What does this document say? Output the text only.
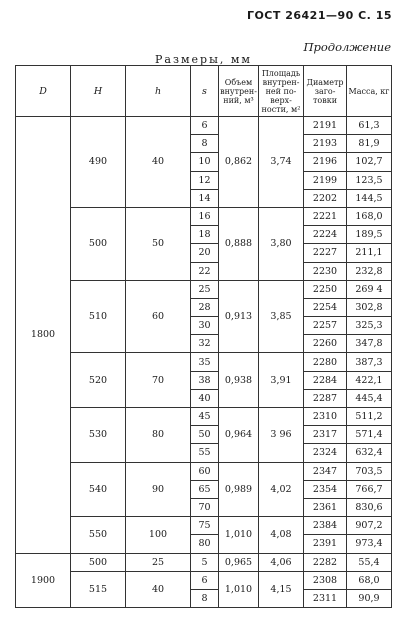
ГОСТ 26421—90 С. 15
Продолжение
Размеры, мм
D	H	h	s	Объем внутрен-ний, м³	Площадь внутрен-ней по-верх-ности, м²	Диаметр заго-товки	Масса, кг
1800	490	40	6	0,862	3,74	2191	61,3
			8			2193	81,9
			10			2196	102,7
			12			2199	123,5
			14			2202	144,5
	500	50	16	0,888	3,80	2221	168,0
			18			2224	189,5
			20			2227	211,1
			22			2230	232,8
	510	60	25	0,913	3,85	2250	269 4
			28			2254	302,8
			30			2257	325,3
			32			2260	347,8
	520	70	35	0,938	3,91	2280	387,3
			38			2284	422,1
			40			2287	445,4
	530	80	45	0,964	3 96	2310	511,2
			50			2317	571,4
			55			2324	632,4
	540	90	60	0,989	4,02	2347	703,5
			65			2354	766,7
			70			2361	830,6
	550	100	75	1,010	4,08	2384	907,2
			80			2391	973,4
1900	500	25	5	0,965	4,06	2282	55,4
	515	40	6	1,010	4,15	2308	68,0
			8			2311	90,9
